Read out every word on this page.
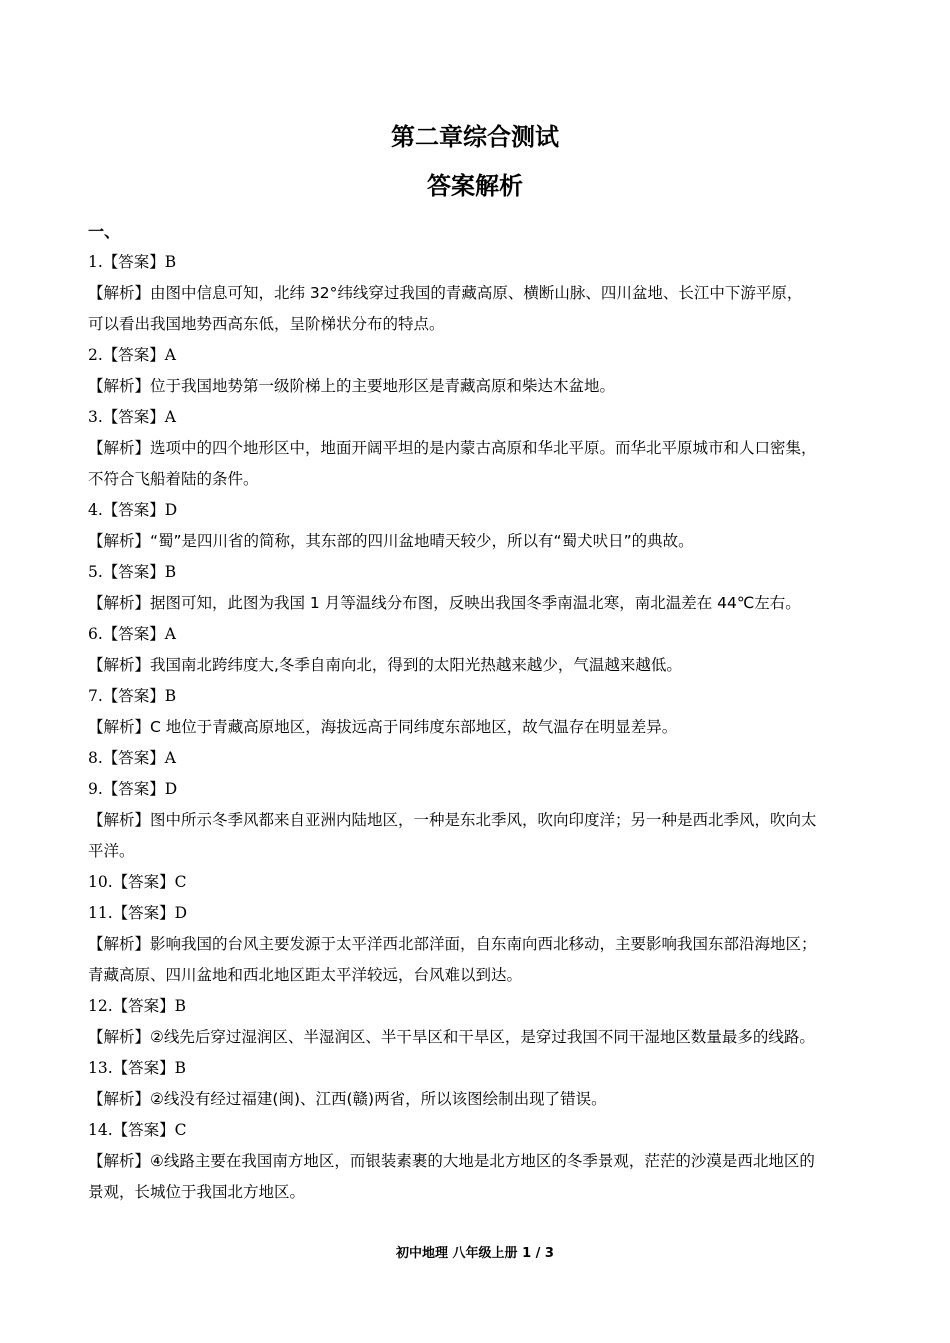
第二章综合测试
答案解析
一、
1.【答案】B
【解析】由图中信息可知，北纬 32°纬线穿过我国的青藏高原、横断山脉、四川盆地、长江中下游平原，
可以看出我国地势西高东低，呈阶梯状分布的特点。
2.【答案】A
【解析】位于我国地势第一级阶梯上的主要地形区是青藏高原和柴达木盆地。
3.【答案】A
【解析】选项中的四个地形区中，地面开阔平坦的是内蒙古高原和华北平原。而华北平原城市和人口密集，
不符合飞船着陆的条件。
4.【答案】D
【解析】“蜀”是四川省的简称，其东部的四川盆地晴天较少，所以有“蜀犬吠日”的典故。
5.【答案】B
【解析】据图可知，此图为我国 1 月等温线分布图，反映出我国冬季南温北寒，南北温差在 44℃左右。
6.【答案】A
【解析】我国南北跨纬度大,冬季自南向北，得到的太阳光热越来越少，气温越来越低。
7.【答案】B
【解析】C 地位于青藏高原地区，海拔远高于同纬度东部地区，故气温存在明显差异。
8.【答案】A
9.【答案】D
【解析】图中所示冬季风都来自亚洲内陆地区，一种是东北季风，吹向印度洋；另一种是西北季风，吹向太
平洋。
10.【答案】C
11.【答案】D
【解析】影响我国的台风主要发源于太平洋西北部洋面，自东南向西北移动，主要影响我国东部沿海地区；
青藏高原、四川盆地和西北地区距太平洋较远，台风难以到达。
12.【答案】B
【解析】②线先后穿过湿润区、半湿润区、半干旱区和干旱区，是穿过我国不同干湿地区数量最多的线路。
13.【答案】B
【解析】②线没有经过福建(闽)、江西(赣)两省，所以该图绘制出现了错误。
14.【答案】C
【解析】④线路主要在我国南方地区，而银装素裹的大地是北方地区的冬季景观，茫茫的沙漠是西北地区的
景观，长城位于我国北方地区。
初中地理 八年级上册 1 / 3
